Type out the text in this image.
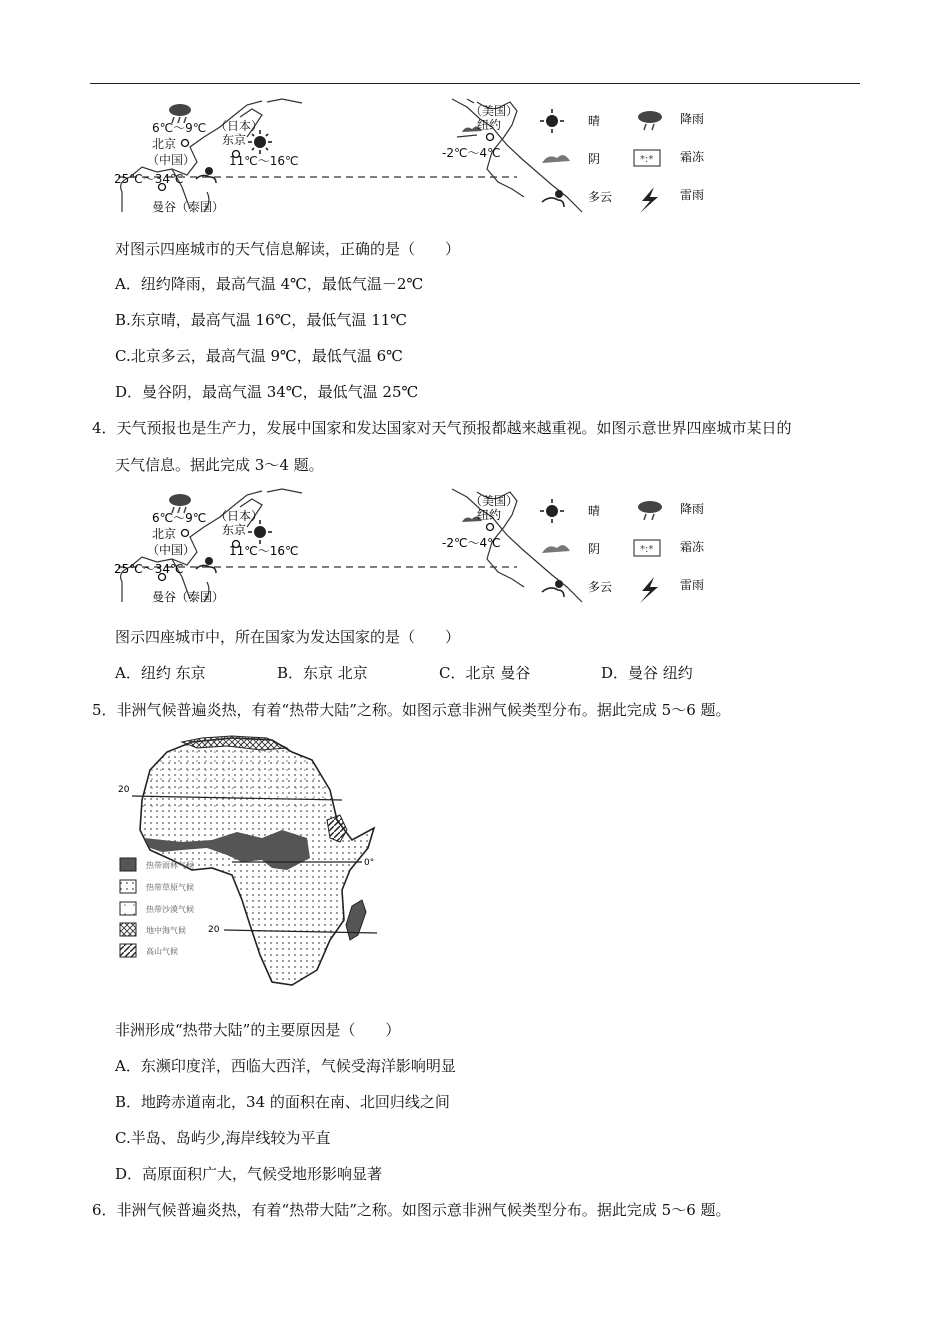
6℃～9℃
北京
（中国）
（日本）
东京
11℃～16℃
25℃～34℃
曼谷（泰国）
（美国）
纽约
-2℃～4℃
晴	降雨
阴	*:* 霜冻
多云	雷雨
对图示四座城市的天气信息解读，正确的是（　　）
A．纽约降雨，最高气温 4℃，最低气温－2℃
B.东京晴，最高气温 16℃，最低气温 11℃
C.北京多云，最高气温 9℃，最低气温 6℃
D．曼谷阴，最高气温 34℃，最低气温 25℃
4．天气预报也是生产力，发展中国家和发达国家对天气预报都越来越重视。如图示意世界四座城市某日的
天气信息。据此完成 3～4 题。
6℃～9℃
北京
（中国）
（日本）
东京
11℃～16℃
25℃～34℃
曼谷（泰国）
（美国）
纽约
-2℃～4℃
晴	降雨
阴	*:* 霜冻
多云	雷雨
图示四座城市中，所在国家为发达国家的是（　　）
A．纽约 东京	B．东京 北京	C．北京 曼谷	D．曼谷 纽约
5．非洲气候普遍炎热，有着“热带大陆”之称。如图示意非洲气候类型分布。据此完成 5～6 题。
20
0°
20
热带雨林气候
热带草原气候
热带沙漠气候
地中海气候
高山气候
非洲形成“热带大陆”的主要原因是（　　）
A．东濒印度洋，西临大西洋，气候受海洋影响明显
B．地跨赤道南北，34 的面积在南、北回归线之间
C.半岛、岛屿少,海岸线较为平直
D．高原面积广大，气候受地形影响显著
6．非洲气候普遍炎热，有着“热带大陆”之称。如图示意非洲气候类型分布。据此完成 5～6 题。
